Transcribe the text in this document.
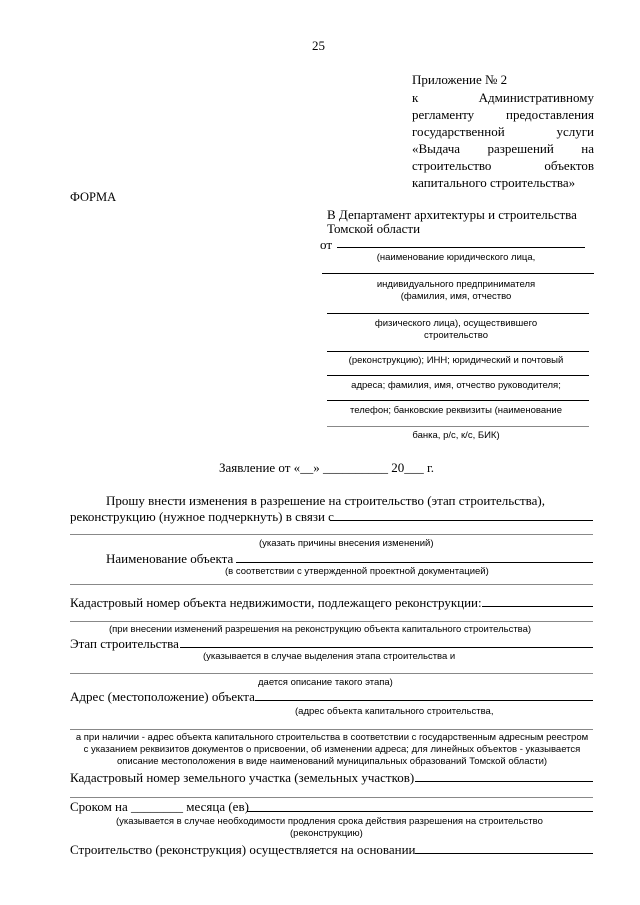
25
Приложение № 2
к	Административному
регламенту предоставления
государственной	услуги
«Выдача разрешений на
строительство	объектов
капитального строительства»
ФОРМА
В Департамент архитектуры и строительства
Томской области
от
(наименование юридического лица,
индивидуального предпринимателя
(фамилия, имя, отчество
физического лица), осуществившего
строительство
(реконструкцию); ИНН; юридический и почтовый
адреса; фамилия, имя, отчество руководителя;
телефон; банковские реквизиты (наименование
банка, р/с, к/с, БИК)
Заявление от «__» __________ 20___ г.
Прошу внести изменения в разрешение на строительство (этап строительства),
реконструкцию (нужное подчеркнуть) в связи с
(указать причины внесения изменений)
Наименование объекта
(в соответствии с утвержденной проектной документацией)
Кадастровый номер объекта недвижимости, подлежащего реконструкции:
(при внесении изменений разрешения на реконструкцию объекта капитального строительства)
Этап строительства
(указывается в случае выделения этапа строительства и
дается описание такого этапа)
Адрес (местоположение) объекта
(адрес объекта капитального строительства,
а при наличии - адрес объекта капитального строительства в соответствии с государственным адресным реестром
с указанием реквизитов документов о присвоении, об изменении адреса; для линейных объектов - указывается
описание местоположения в виде наименований муниципальных образований Томской области)
Кадастровый номер земельного участка (земельных участков)
Сроком на ________ месяца (ев)
(указывается в случае необходимости продления срока действия разрешения на строительство
(реконструкцию)
Строительство (реконструкция) осуществляется на основании
